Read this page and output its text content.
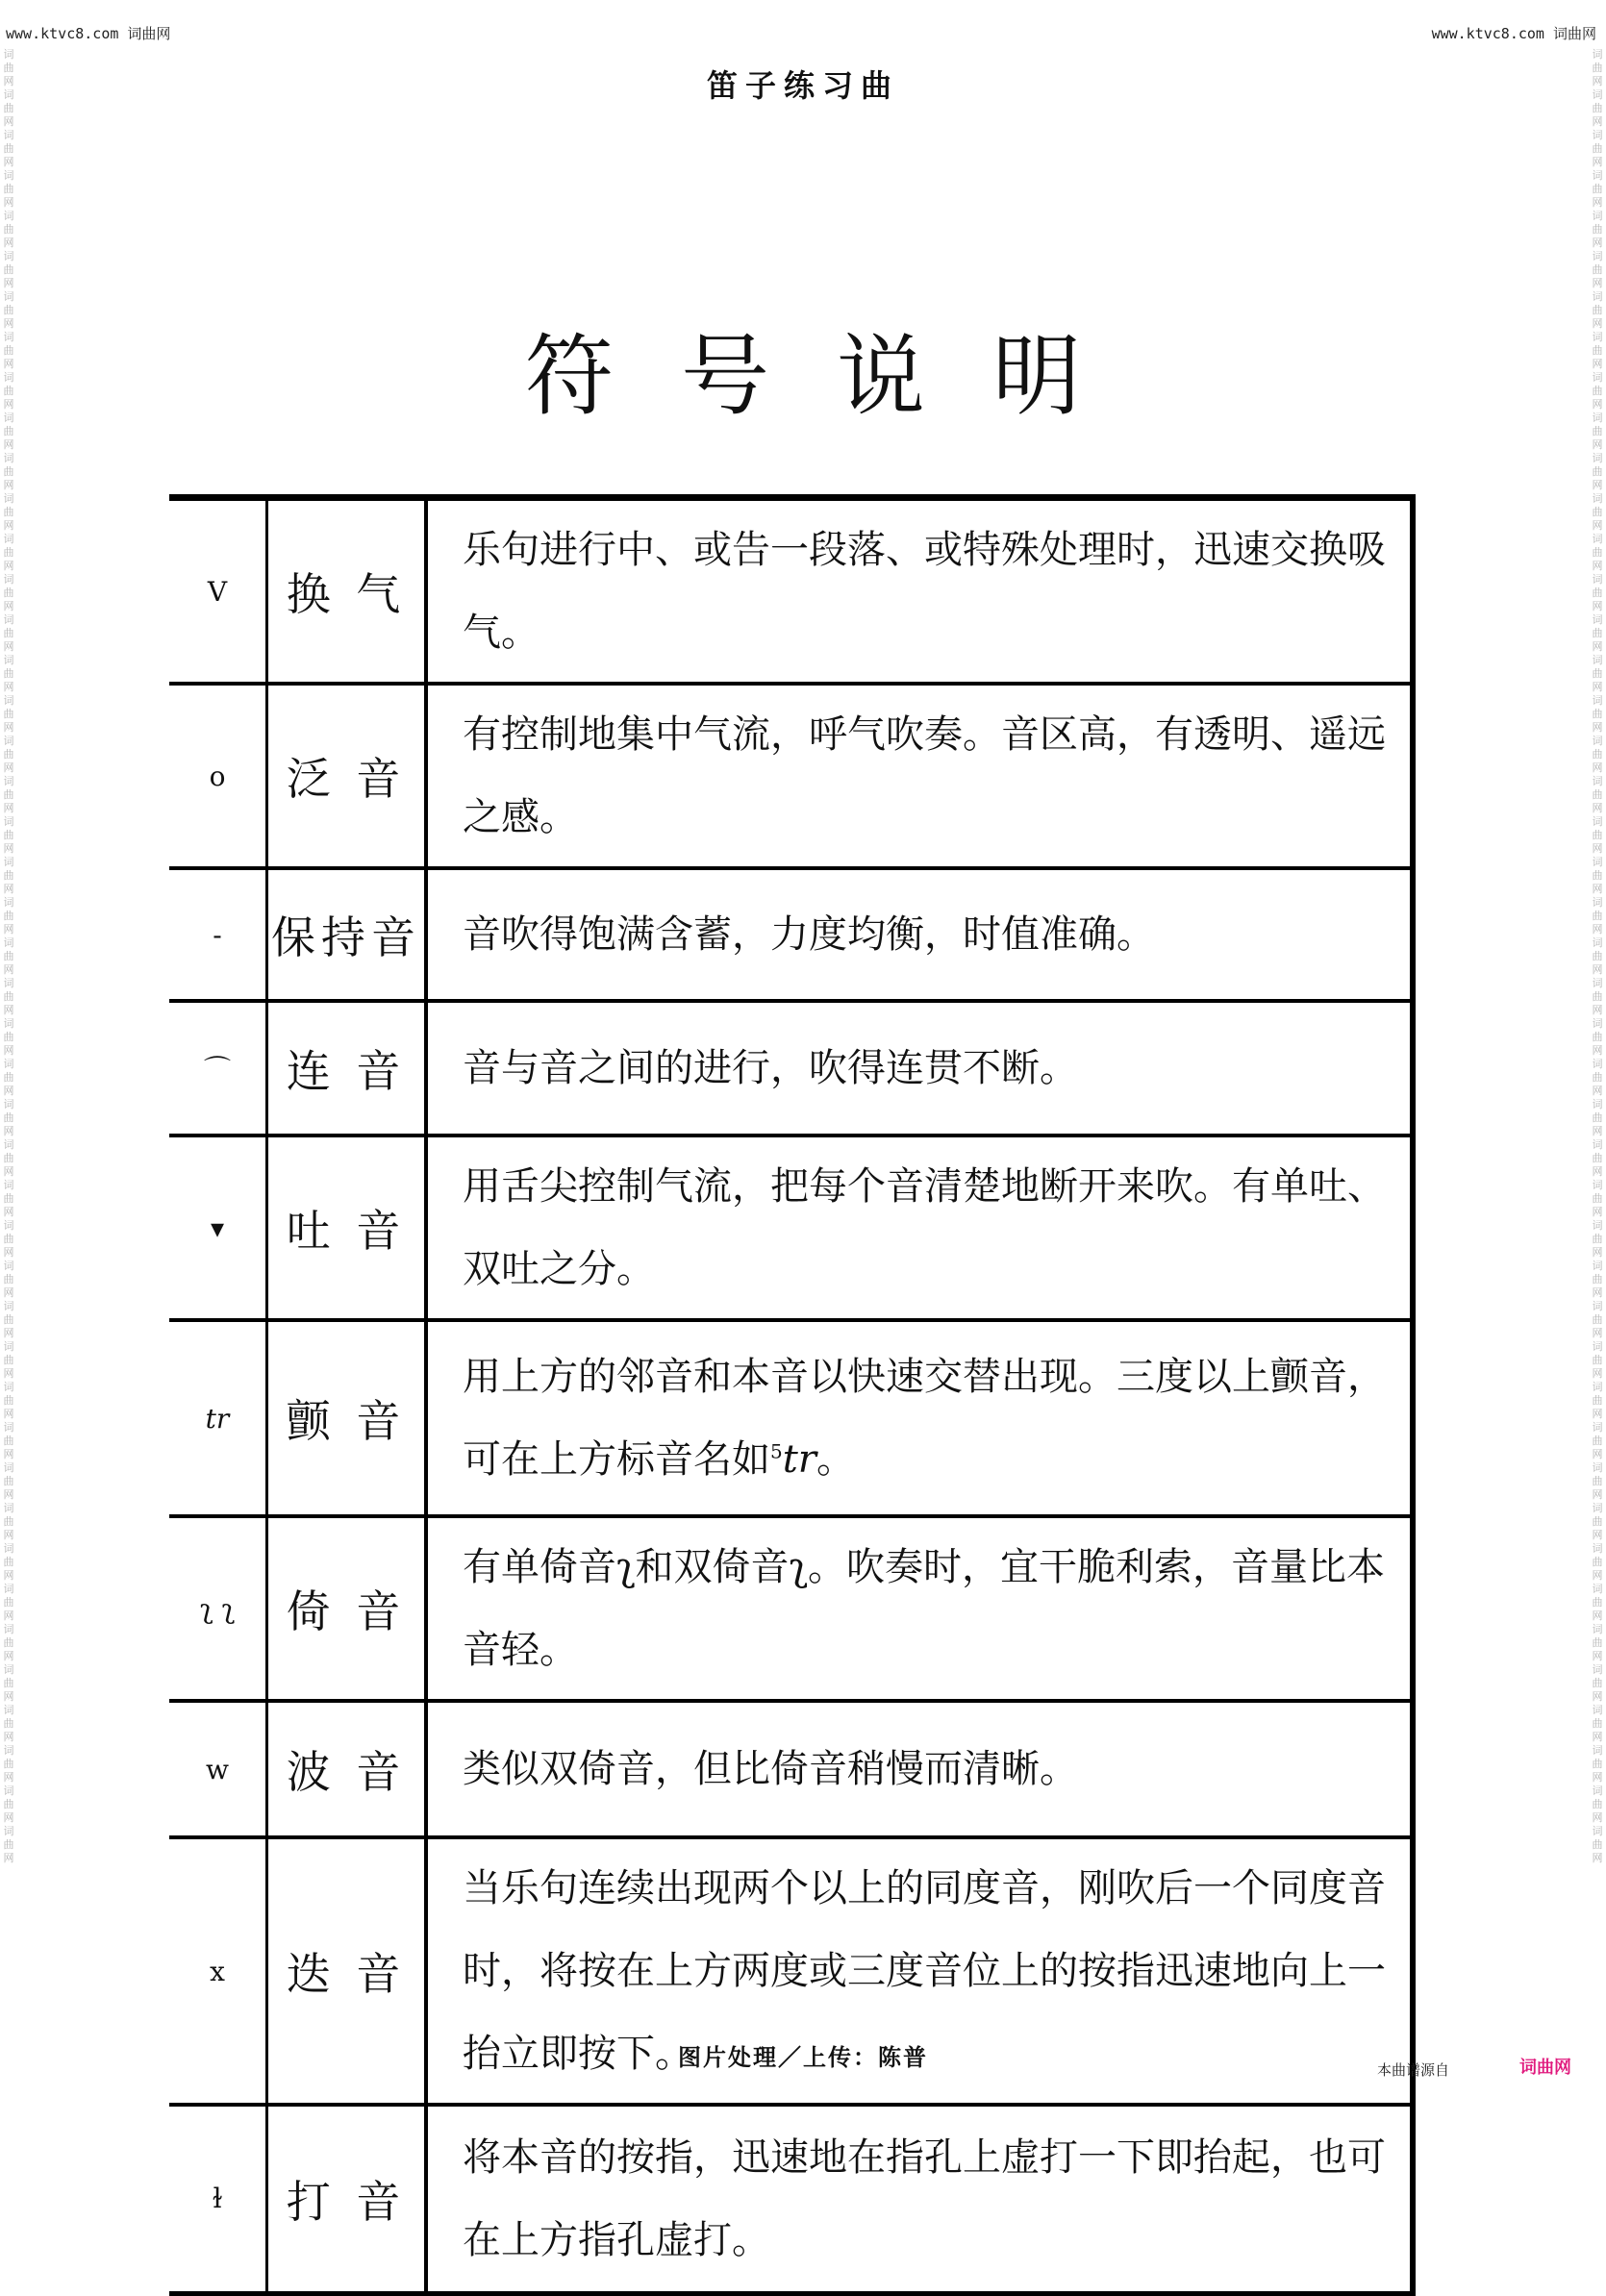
www.ktvc8.com 词曲网	www.ktvc8.com 词曲网
词曲网词曲网词曲网词曲网词曲网词曲网词曲网词曲网词曲网词曲网词曲网词曲网词曲网词曲网词曲网词曲网词曲网词曲网词曲网词曲网词曲网词曲网词曲网词曲网词曲网词曲网词曲网词曲网词曲网词曲网词曲网词曲网词曲网词曲网词曲网词曲网词曲网词曲网词曲网词曲网词曲网词曲网词曲网词曲网词曲网
词曲网词曲网词曲网词曲网词曲网词曲网词曲网词曲网词曲网词曲网词曲网词曲网词曲网词曲网词曲网词曲网词曲网词曲网词曲网词曲网词曲网词曲网词曲网词曲网词曲网词曲网词曲网词曲网词曲网词曲网词曲网词曲网词曲网词曲网词曲网词曲网词曲网词曲网词曲网词曲网词曲网词曲网词曲网词曲网词曲网
笛子练习曲
符号说明
V	换 气	乐句进行中、或告一段落、或特殊处理时，迅速交换吸气。
o	泛 音	有控制地集中气流，呼气吹奏。音区高，有透明、遥远之感。
-	保持音	音吹得饱满含蓄，力度均衡，时值准确。
⌒	连 音	音与音之间的进行，吹得连贯不断。
▾	吐 音	用舌尖控制气流，把每个音清楚地断开来吹。有单吐、双吐之分。
tr	颤 音	用上方的邻音和本音以快速交替出现。三度以上颤音，可在上方标音名如$^5$tr。
ʅ ʅ	倚 音	有单倚音ʅ和双倚音ʅ。吹奏时，宜干脆利索，音量比本音轻。
w	波 音	类似双倚音，但比倚音稍慢而清晰。
x	迭 音	当乐句连续出现两个以上的同度音，刚吹后一个同度音时，将按在上方两度或三度音位上的按指迅速地向上一抬立即按下。
ɫ	打 音	将本音的按指，迅速地在指孔上虚打一下即抬起，也可在上方指孔虚打。
图片处理／上传：陈普	本曲谱源自	词曲网
